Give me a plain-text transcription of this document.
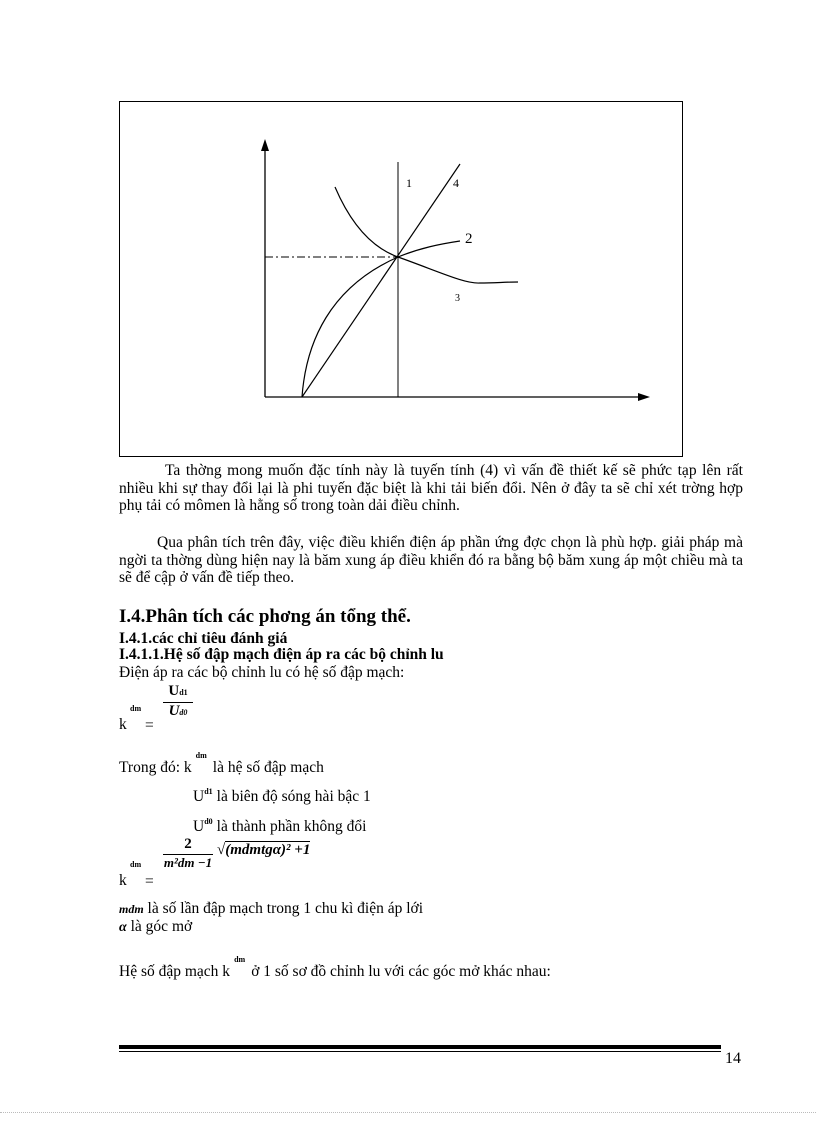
1	4
2
3

Ta thờng mong muốn đặc tính này là tuyến tính (4) vì vấn đề thiết kế sẽ phức tạp lên rất nhiều khi sự thay đổi lại là phi tuyến đặc biệt là khi tải biến đổi. Nên ở đây ta sẽ chỉ xét trờng hợp phụ tải có mômen là hằng số trong toàn dải điều chỉnh.

Qua phân tích trên đây, việc điều khiển điện áp phần ứng đợc chọn là phù hợp. giải pháp mà ngời ta thờng dùng hiện nay là băm xung áp điều khiển đó ra bằng bộ băm xung áp một chiều mà ta sẽ để cập ở vấn đề tiếp theo.

I.4.Phân tích các phơng án tổng thể.
I.4.1.các chỉ tiêu đánh giá
I.4.1.1.Hệ số đập mạch điện áp ra các bộ chỉnh lu
Điện áp ra các bộ chỉnh lu có hệ số đập mạch:
k
dm
=
Ud1
Ud0
Trong đó: $k^{dm}là$ hệ số đập mạch
$U^{d1}$ là biên độ sóng hài bậc 1
$U^{d0}$ là thành phần không đổi
k
dm
=
2
m²dm −1
√(mdmtgα)² +1
mdm là số lần đập mạch trong 1 chu kì điện áp lới
α là góc mở
Hệ số đập mạch $k^{dm}ở$ 1 số sơ đồ chỉnh lu với các góc mở khác nhau:
14
